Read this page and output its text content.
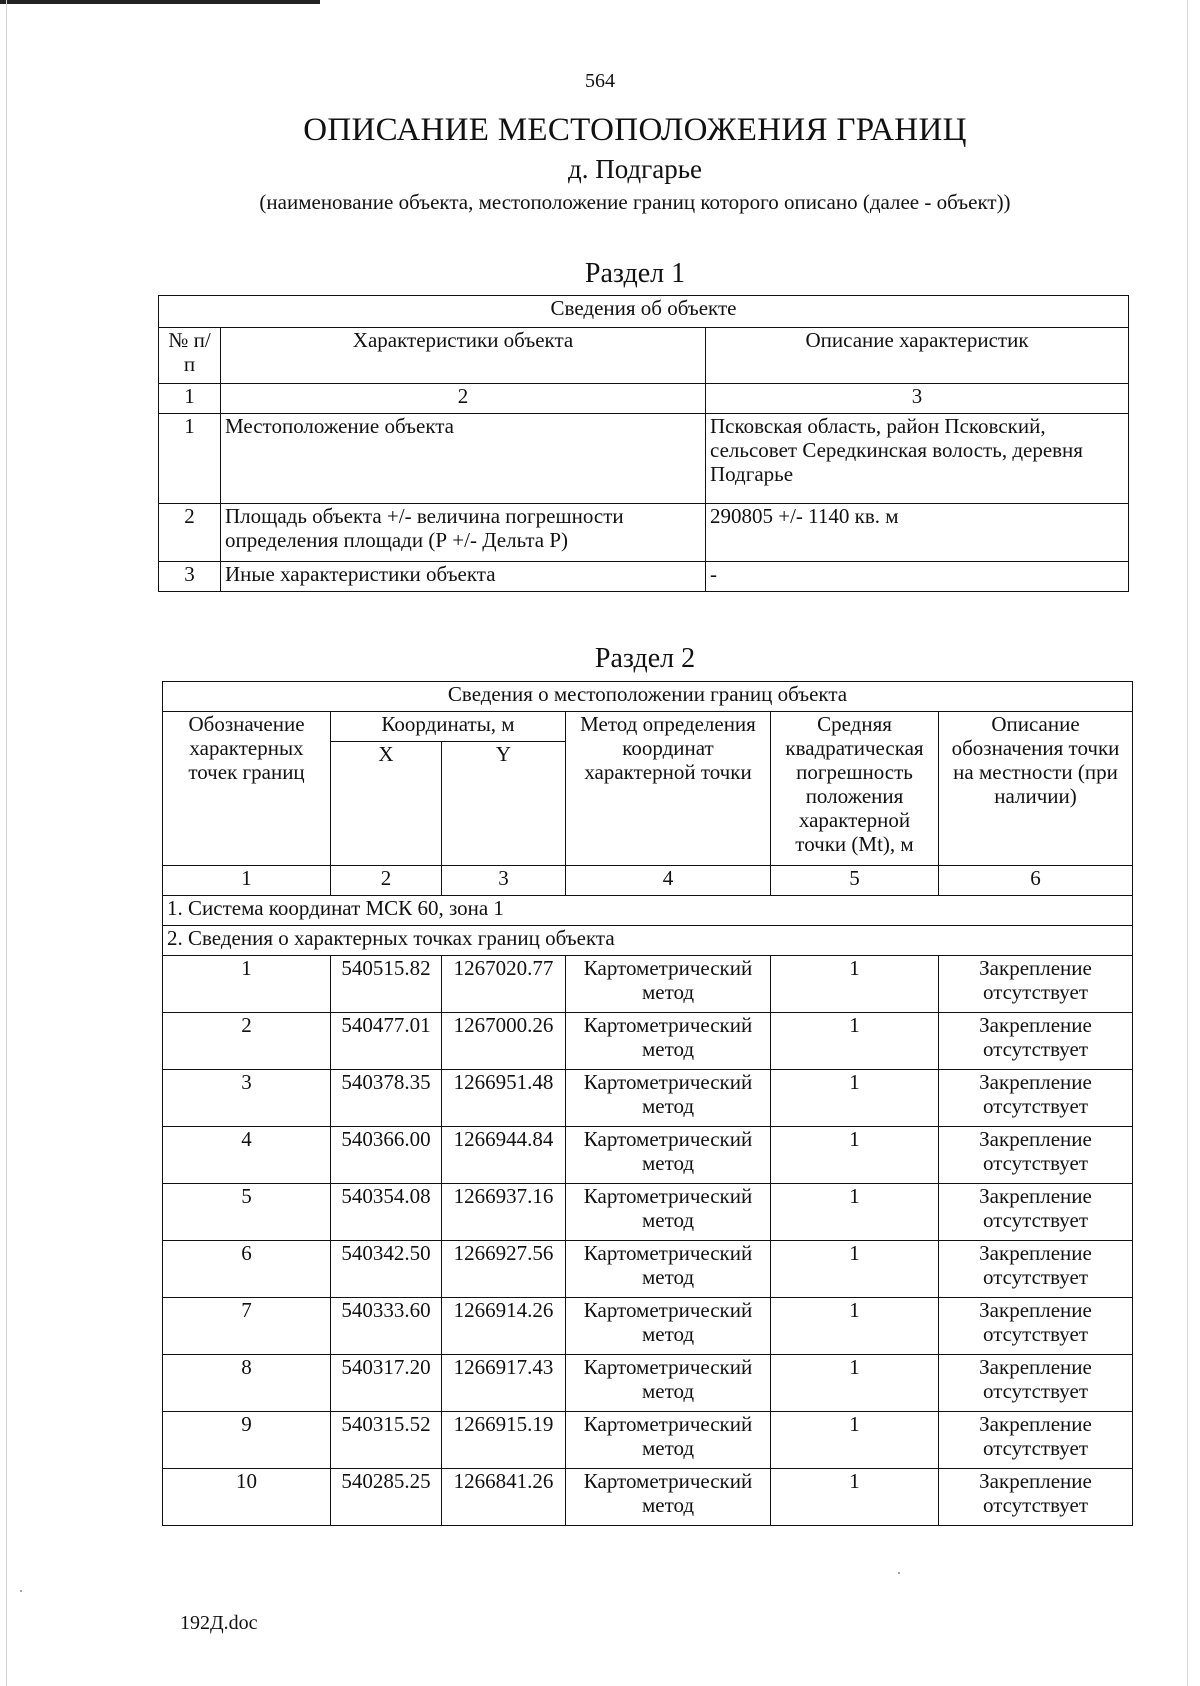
564
ОПИСАНИЕ МЕСТОПОЛОЖЕНИЯ ГРАНИЦ
д. Подгарье
(наименование объекта, местоположение границ которого описано (далее - объект))
Раздел 1
Сведения об объекте		
№ п/п	Характеристики объекта	Описание характеристик
1	2	3
1	Местоположение объекта	Псковская область, район Псковский, сельсовет Середкинская волость, деревня Подгарье
2	Площадь объекта +/- величина погрешности определения площади (Р +/- Дельта Р)	290805 +/- 1140 кв. м
3	Иные характеристики объекта	-
Раздел 2
Сведения о местоположении границ объекта					
Обозначение характерных точек границ	Координаты, м		Метод определения координат характерной точки	Средняя квадратическая погрешность положения характерной точки (Мt), м	Описание обозначения точки на местности (при наличии)
	X	Y			
1	2	3	4	5	6
1. Система координат МСК 60, зона 1					
2. Сведения о характерных точках границ объекта					
1	540515.82	1267020.77	Картометрический метод	1	Закрепление отсутствует
2	540477.01	1267000.26	Картометрический метод	1	Закрепление отсутствует
3	540378.35	1266951.48	Картометрический метод	1	Закрепление отсутствует
4	540366.00	1266944.84	Картометрический метод	1	Закрепление отсутствует
5	540354.08	1266937.16	Картометрический метод	1	Закрепление отсутствует
6	540342.50	1266927.56	Картометрический метод	1	Закрепление отсутствует
7	540333.60	1266914.26	Картометрический метод	1	Закрепление отсутствует
8	540317.20	1266917.43	Картометрический метод	1	Закрепление отсутствует
9	540315.52	1266915.19	Картометрический метод	1	Закрепление отсутствует
10	540285.25	1266841.26	Картометрический метод	1	Закрепление отсутствует
192Д.doc
